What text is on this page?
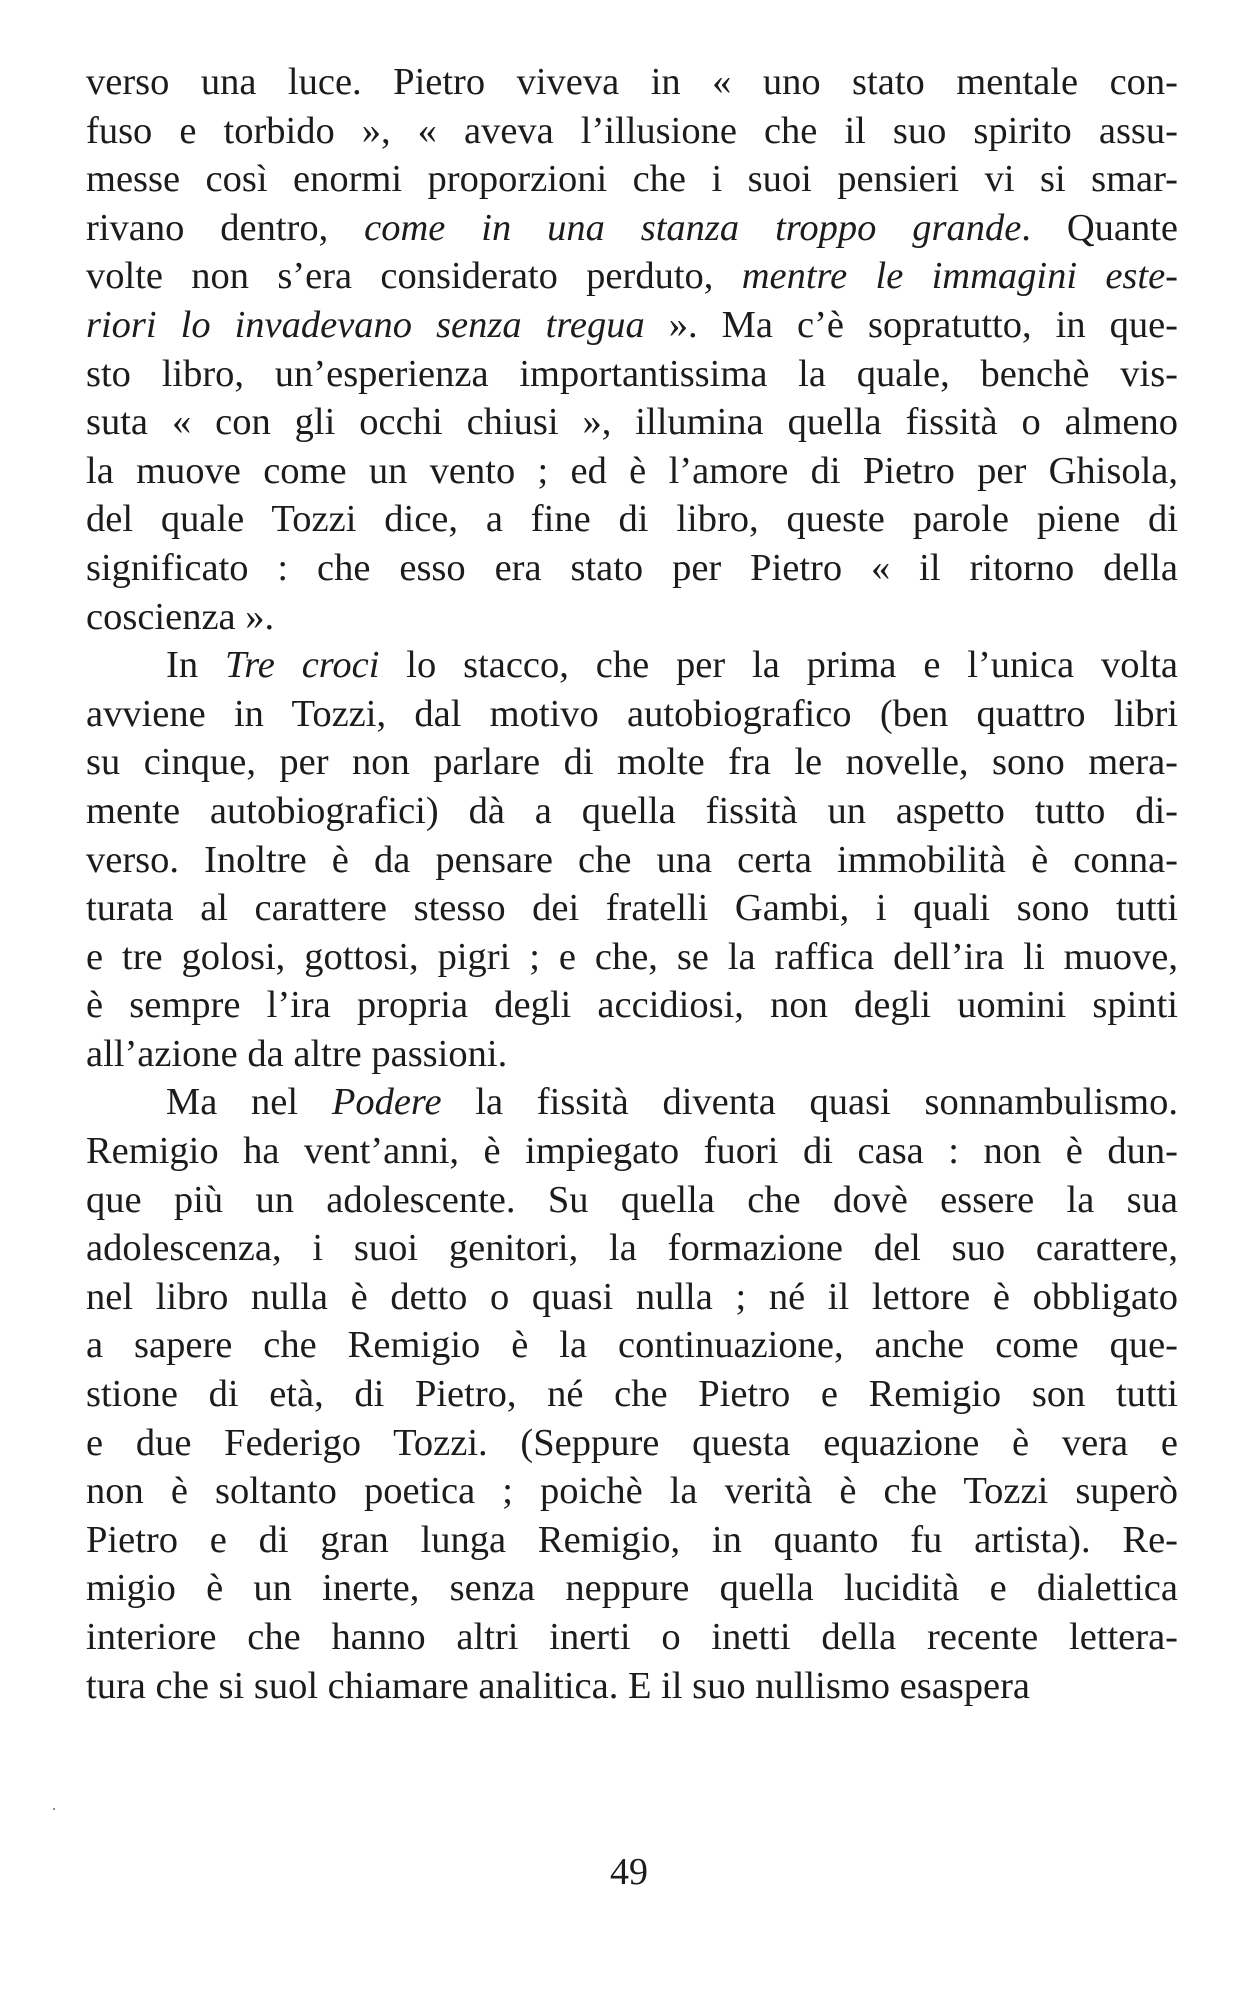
verso una luce. Pietro viveva in « uno stato mentale con-
fuso e torbido », « aveva l’illusione che il suo spirito assu-
messe così enormi proporzioni che i suoi pensieri vi si smar-
rivano dentro, come in una stanza troppo grande. Quante
volte non s’era considerato perduto, mentre le immagini este-
riori lo invadevano senza tregua ». Ma c’è sopratutto, in que-
sto libro, un’esperienza importantissima la quale, benchè vis-
suta « con gli occhi chiusi », illumina quella fissità o almeno
la muove come un vento ; ed è l’amore di Pietro per Ghisola,
del quale Tozzi dice, a fine di libro, queste parole piene di
significato : che esso era stato per Pietro « il ritorno della
coscienza ».
In Tre croci lo stacco, che per la prima e l’unica volta
avviene in Tozzi, dal motivo autobiografico (ben quattro libri
su cinque, per non parlare di molte fra le novelle, sono mera-
mente autobiografici) dà a quella fissità un aspetto tutto di-
verso. Inoltre è da pensare che una certa immobilità è conna-
turata al carattere stesso dei fratelli Gambi, i quali sono tutti
e tre golosi, gottosi, pigri ; e che, se la raffica dell’ira li muove,
è sempre l’ira propria degli accidiosi, non degli uomini spinti
all’azione da altre passioni.
Ma nel Podere la fissità diventa quasi sonnambulismo.
Remigio ha vent’anni, è impiegato fuori di casa : non è dun-
que più un adolescente. Su quella che dovè essere la sua
adolescenza, i suoi genitori, la formazione del suo carattere,
nel libro nulla è detto o quasi nulla ; né il lettore è obbligato
a sapere che Remigio è la continuazione, anche come que-
stione di età, di Pietro, né che Pietro e Remigio son tutti
e due Federigo Tozzi. (Seppure questa equazione è vera e
non è soltanto poetica ; poichè la verità è che Tozzi superò
Pietro e di gran lunga Remigio, in quanto fu artista). Re-
migio è un inerte, senza neppure quella lucidità e dialettica
interiore che hanno altri inerti o inetti della recente lettera-
tura che si suol chiamare analitica. E il suo nullismo esaspera
49
